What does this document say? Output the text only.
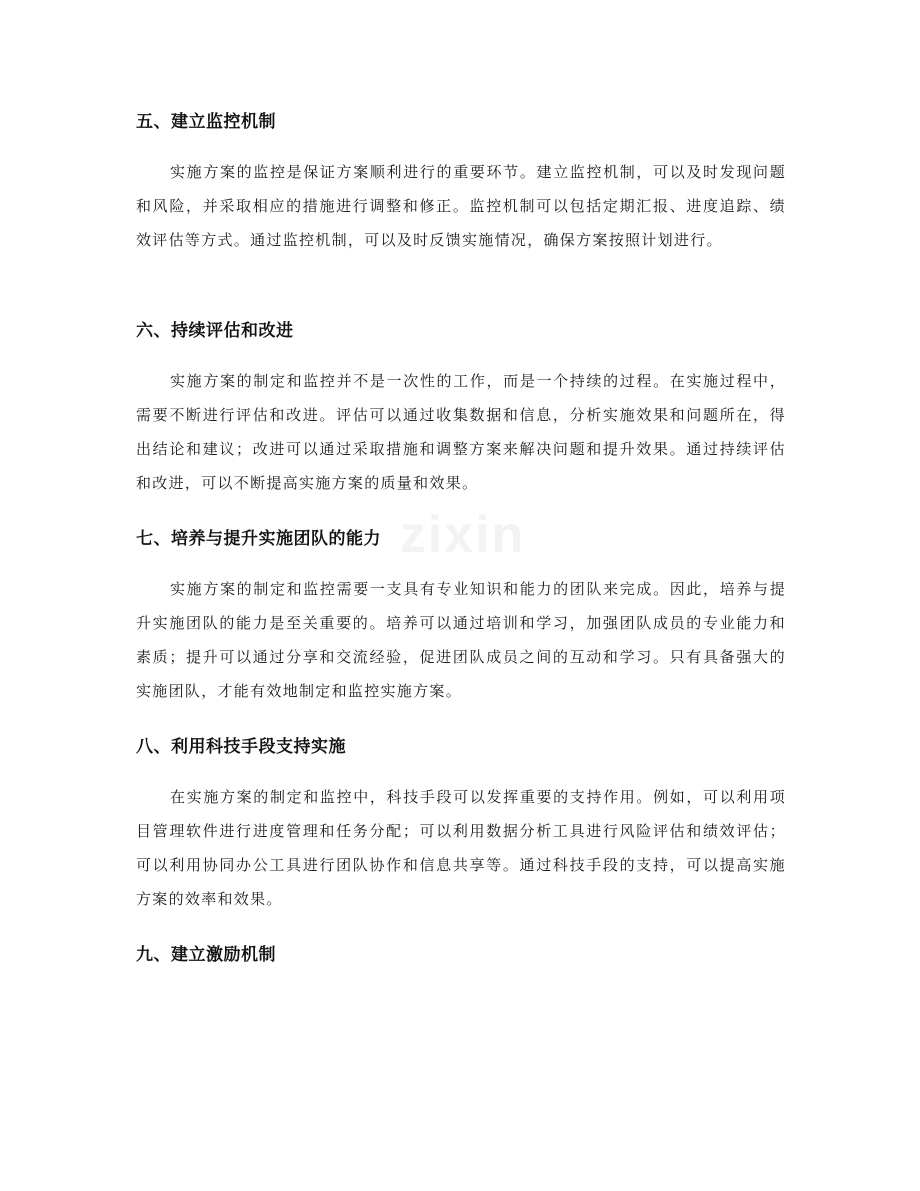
zixin
五、建立监控机制

实施方案的监控是保证方案顺利进行的重要环节。建立监控机制，可以及时发现问题和风险，并采取相应的措施进行调整和修正。监控机制可以包括定期汇报、进度追踪、绩效评估等方式。通过监控机制，可以及时反馈实施情况，确保方案按照计划进行。

六、持续评估和改进

实施方案的制定和监控并不是一次性的工作，而是一个持续的过程。在实施过程中，需要不断进行评估和改进。评估可以通过收集数据和信息，分析实施效果和问题所在，得出结论和建议；改进可以通过采取措施和调整方案来解决问题和提升效果。通过持续评估和改进，可以不断提高实施方案的质量和效果。

七、培养与提升实施团队的能力

实施方案的制定和监控需要一支具有专业知识和能力的团队来完成。因此，培养与提升实施团队的能力是至关重要的。培养可以通过培训和学习，加强团队成员的专业能力和素质；提升可以通过分享和交流经验，促进团队成员之间的互动和学习。只有具备强大的实施团队，才能有效地制定和监控实施方案。

八、利用科技手段支持实施

在实施方案的制定和监控中，科技手段可以发挥重要的支持作用。例如，可以利用项目管理软件进行进度管理和任务分配；可以利用数据分析工具进行风险评估和绩效评估；可以利用协同办公工具进行团队协作和信息共享等。通过科技手段的支持，可以提高实施方案的效率和效果。

九、建立激励机制
